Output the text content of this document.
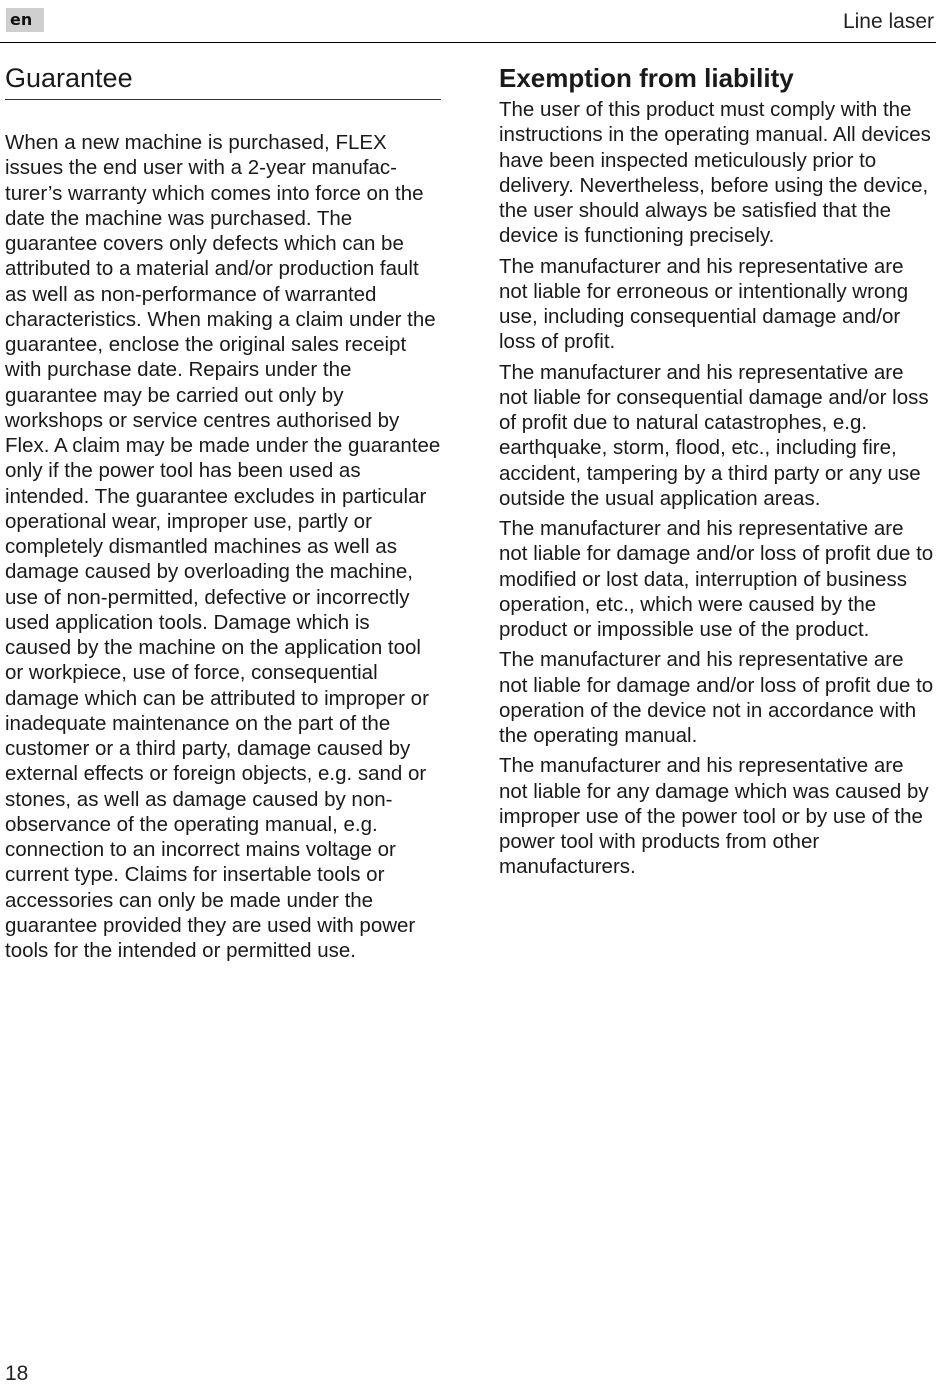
en	Line laser
Guarantee

When a new machine is purchased, FLEX issues the end user with a 2-year manufacturer’s warranty which comes into force on the date the machine was purchased. The guarantee covers only defects which can be attributed to a material and/or production fault as well as non-performance of warranted characteristics. When making a claim under the guarantee, enclose the original sales receipt with purchase date. Repairs under the guarantee may be carried out only by workshops or service centres authorised by Flex. A claim may be made under the guarantee only if the power tool has been used as intended. The guarantee excludes in particular operational wear, improper use, partly or completely dismantled machines as well as damage caused by overloading the machine, use of non-permitted, defective or incorrectly used application tools. Damage which is caused by the machine on the application tool or workpiece, use of force, consequential damage which can be attributed to improper or inadequate maintenance on the part of the customer or a third party, damage caused by external effects or foreign objects, e.g. sand or stones, as well as damage caused by non-observance of the operating manual, e.g. connection to an incorrect mains voltage or current type. Claims for insertable tools or accessories can only be made under the guarantee provided they are used with power tools for the intended or permitted use.

Exemption from liability

The user of this product must comply with the instructions in the operating manual. All devices have been inspected meticulously prior to delivery. Nevertheless, before using the device, the user should always be satisfied that the device is functioning precisely.

The manufacturer and his representative are not liable for erroneous or intentionally wrong use, including consequential damage and/or loss of profit.

The manufacturer and his representative are not liable for consequential damage and/or loss of profit due to natural catastrophes, e.g. earthquake, storm, flood, etc., including fire, accident, tampering by a third party or any use outside the usual application areas.

The manufacturer and his representative are not liable for damage and/or loss of profit due to modified or lost data, interruption of business operation, etc., which were caused by the product or impossible use of the product.

The manufacturer and his representative are not liable for damage and/or loss of profit due to operation of the device not in accordance with the operating manual.

The manufacturer and his representative are not liable for any damage which was caused by improper use of the power tool or by use of the power tool with products from other manufacturers.

18
